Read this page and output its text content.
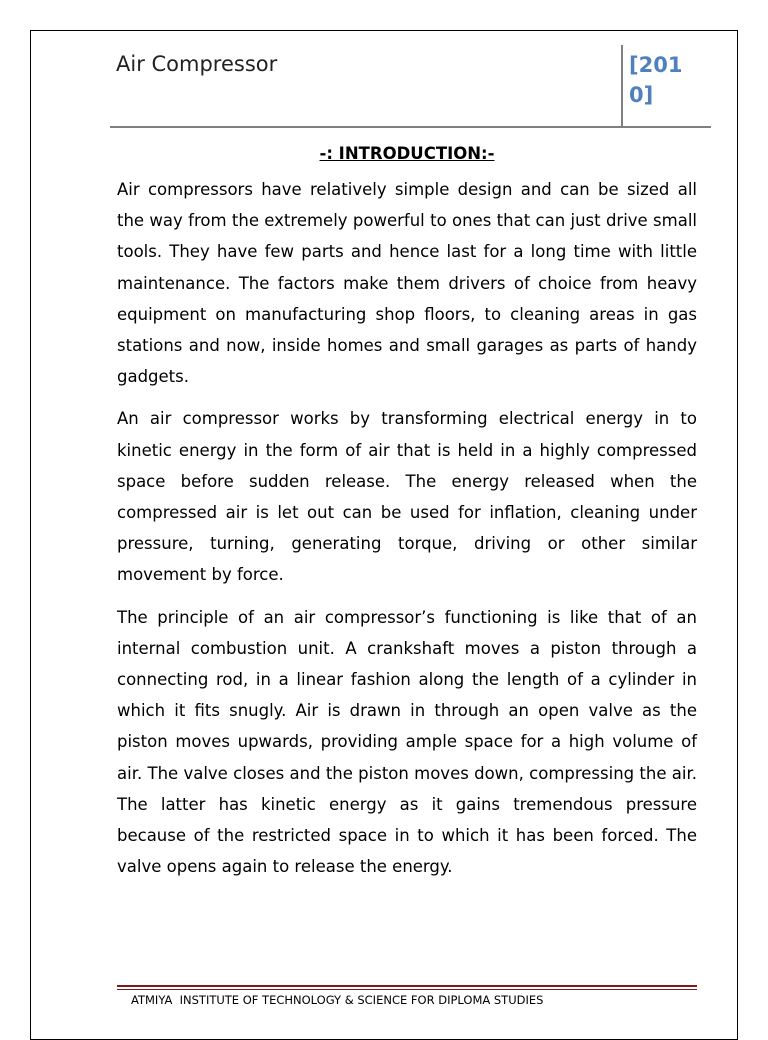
Air Compressor	[201
0]
-: INTRODUCTION:-

Air compressors have relatively simple design and can be sized all the way from the extremely powerful to ones that can just drive small tools. They have few parts and hence last for a long time with little maintenance. The factors make them drivers of choice from heavy equipment on manufacturing shop floors, to cleaning areas in gas stations and now, inside homes and small garages as parts of handy gadgets.

An air compressor works by transforming electrical energy in to kinetic energy in the form of air that is held in a highly compressed space before sudden release. The energy released when the compressed air is let out can be used for inflation, cleaning under pressure, turning, generating torque, driving or other similar movement by force.

The principle of an air compressor’s functioning is like that of an internal combustion unit. A crankshaft moves a piston through a connecting rod, in a linear fashion along the length of a cylinder in which it fits snugly. Air is drawn in through an open valve as the piston moves upwards, providing ample space for a high volume of air. The valve closes and the piston moves down, compressing the air. The latter has kinetic energy as it gains tremendous pressure because of the restricted space in to which it has been forced. The valve opens again to release the energy.

ATMIYA  INSTITUTE OF TECHNOLOGY & SCIENCE FOR DIPLOMA STUDIES
